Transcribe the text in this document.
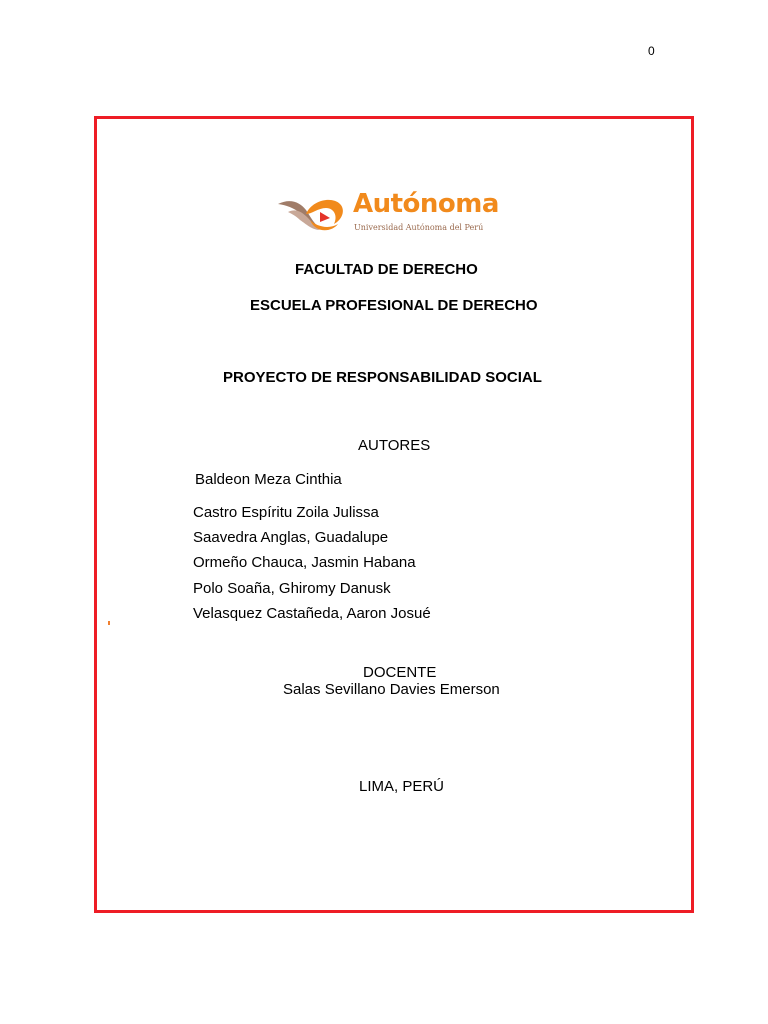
0
Autónoma
Universidad Autónoma del Perú
FACULTAD DE DERECHO
ESCUELA PROFESIONAL DE DERECHO
PROYECTO DE RESPONSABILIDAD SOCIAL
AUTORES
Baldeon Meza Cinthia
Castro Espíritu Zoila Julissa
Saavedra Anglas, Guadalupe
Ormeño Chauca, Jasmin Habana
Polo Soaña, Ghiromy Danusk
Velasquez Castañeda, Aaron Josué
DOCENTE
Salas Sevillano Davies Emerson
LIMA, PERÚ
